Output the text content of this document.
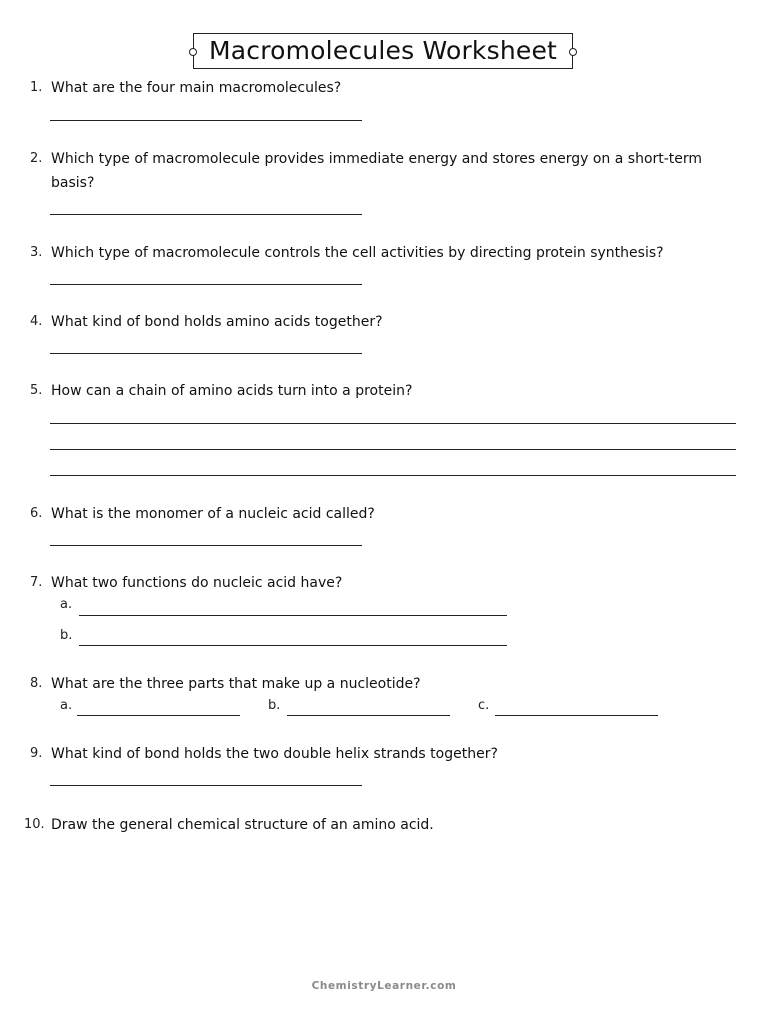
Macromolecules Worksheet
1. What are the four main macromolecules?
2. Which type of macromolecule provides immediate energy and stores energy on a short-term basis?
3. Which type of macromolecule controls the cell activities by directing protein synthesis?
4. What kind of bond holds amino acids together?
5. How can a chain of amino acids turn into a protein?
6. What is the monomer of a nucleic acid called?
7. What two functions do nucleic acid have?
a.
b.
8. What are the three parts that make up a nucleotide?
a.	b.	c.
9. What kind of bond holds the two double helix strands together?
10. Draw the general chemical structure of an amino acid.
ChemistryLearner.com
